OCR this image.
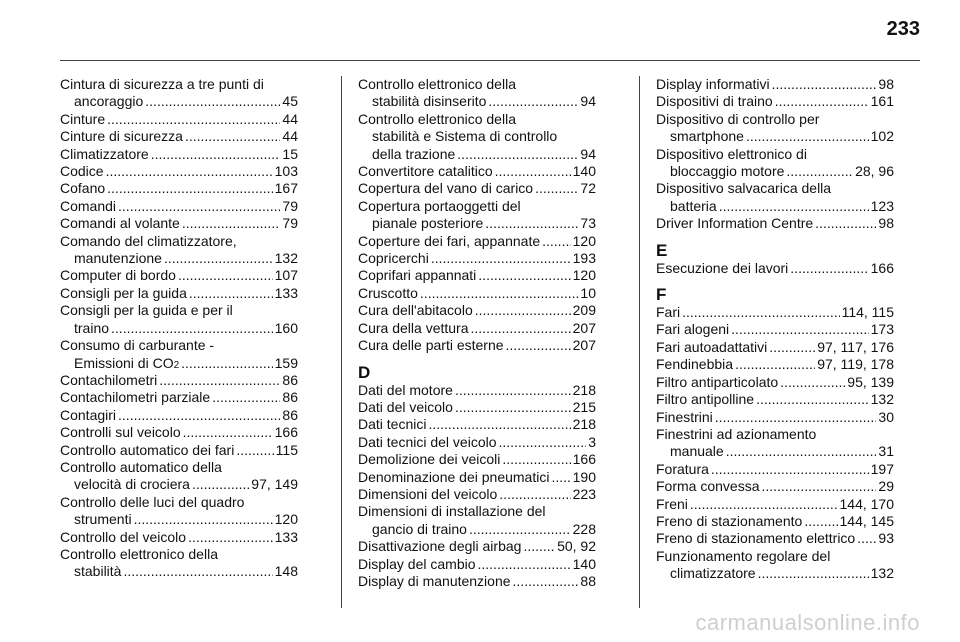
233
Cintura di sicurezza a tre punti di
ancoraggio .....	45
Cinture .....	44
Cinture di sicurezza .....	44
Climatizzatore .....	15
Codice .....	103
Cofano .....	167
Comandi .....	79
Comandi al volante .....	79
Comando del climatizzatore,
manutenzione .....	132
Computer di bordo .....	107
Consigli per la guida .....	133
Consigli per la guida e per il
traino .....	160
Consumo di carburante -
Emissioni di CO 2 .....	159
Contachilometri .....	86
Contachilometri parziale .....	86
Contagiri .....	86
Controlli sul veicolo .....	166
Controllo automatico dei fari .....	115
Controllo automatico della
velocità di crociera .....	97, 149
Controllo delle luci del quadro
strumenti .....	120
Controllo del veicolo .....	133
Controllo elettronico della
stabilità .....	148
Controllo elettronico della
stabilità disinserito .....	94
Controllo elettronico della
stabilità e Sistema di controllo
della trazione .....	94
Convertitore catalitico .....	140
Copertura del vano di carico .....	72
Copertura portaoggetti del
pianale posteriore .....	73
Coperture dei fari, appannate ..... 120
Copricerchi .....	193
Coprifari appannati .....	120
Cruscotto .....	10
Cura dell'abitacolo .....	209
Cura della vettura .....	207
Cura delle parti esterne .....	207
D
Dati del motore .....	218
Dati del veicolo .....	215
Dati tecnici .....	218
Dati tecnici del veicolo .....	3
Demolizione dei veicoli .....	166
Denominazione dei pneumatici ..... 190
Dimensioni del veicolo .....	223
Dimensioni di installazione del
gancio di traino .....	228
Disattivazione degli airbag .....	50, 92
Display del cambio .....	140
Display di manutenzione .....	88
Display informativi .....	98
Dispositivi di traino .....	161
Dispositivo di controllo per
smartphone .....	102
Dispositivo elettronico di
bloccaggio motore .....	28, 96
Dispositivo salvacarica della
batteria .....	123
Driver Information Centre .....	98
E
Esecuzione dei lavori .....	166
F
Fari .....	114, 115
Fari alogeni .....	173
Fari autoadattativi .....	97, 117, 176
Fendinebbia .....	97, 119, 178
Filtro antiparticolato .....	95, 139
Filtro antipolline .....	132
Finestrini .....	30
Finestrini ad azionamento
manuale .....	31
Foratura .....	197
Forma convessa .....	29
Freni .....	144, 170
Freno di stazionamento .....	144, 145
Freno di stazionamento elettrico ..... 93
Funzionamento regolare del
climatizzatore .....	132
carmanualsonline.info
